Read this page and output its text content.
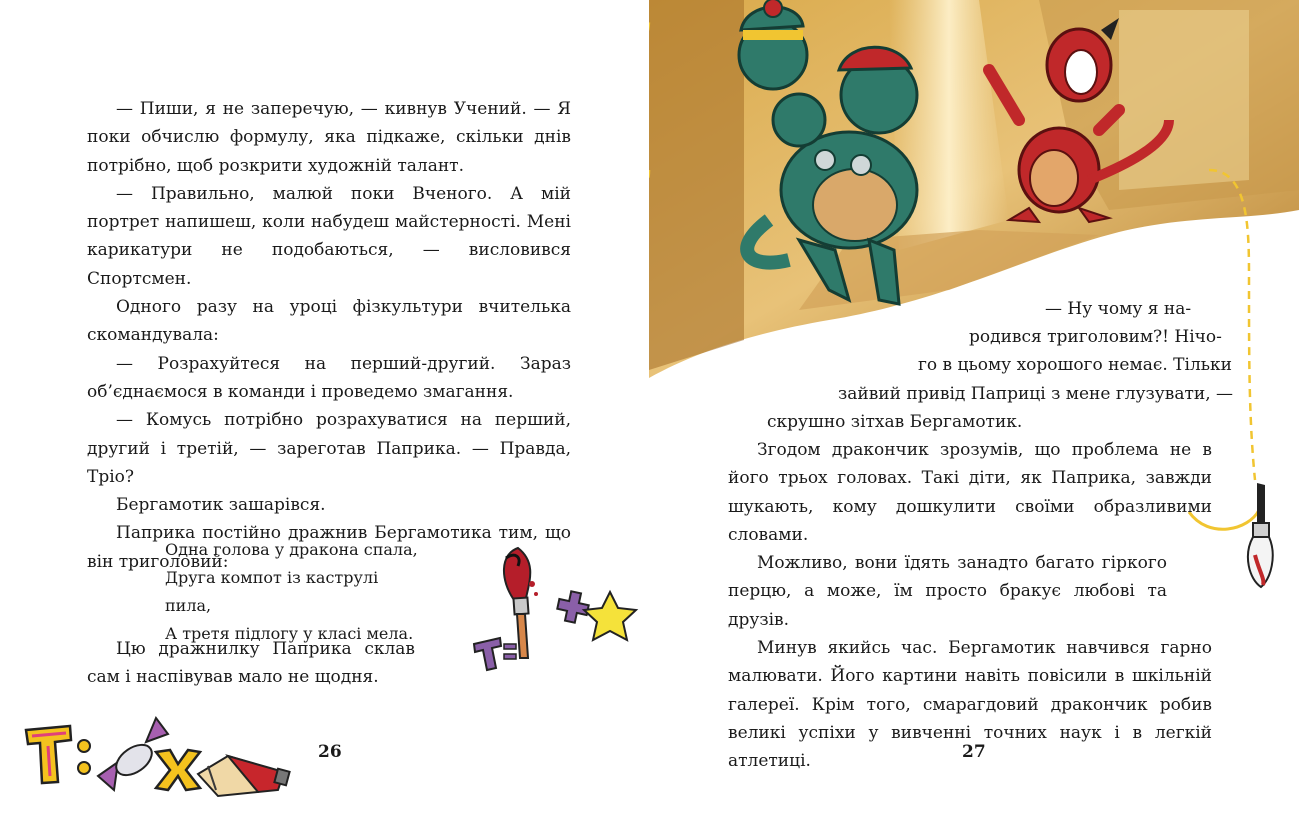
— Пиши, я не заперечую, — кивнув Учений. — Я поки обчислю формулу, яка підкаже, скільки днів потрібно, щоб розкрити художній талант.

— Правильно, малюй поки Вченого. А мій портрет напишеш, коли набудеш майстерності. Мені карикатури не подобаються, — висловився Спортсмен.

Одного разу на уроці фізкультури вчителька скомандувала:

— Розрахуйтеся на перший-другий. Зараз об’єднаємося в команди і проведемо змагання.

— Комусь потрібно розрахуватися на перший, другий і третій, — зареготав Паприка. — Правда, Тріо?

Бергамотик зашарівся.

Паприка постійно дражнив Бергамотика тим, що він триголовий:

Одна голова у дракона спала,

Друга компот із каструлі пила,

А третя підлогу у класі мела.

Цю дражнилку Паприка склав сам і наспівував мало не щодня.

26
— Ну чому я на-
родився триголовим?! Нічо-
го в цьому хорошого немає. Тільки
зайвий привід Паприці з мене глузувати, —
скрушно зітхав Бергамотик.

Згодом дракончик зрозумів, що проблема не в його трьох головах. Такі діти, як Паприка, завжди шукають, кому дошкулити своїми образливими словами.

Можливо, вони їдять занадто багато гіркого перцю, а може, їм просто бракує любові та друзів.

Минув якийсь час. Бергамотик навчився гарно малювати. Його картини навіть повісили в шкільній галереї. Крім того, смарагдовий дракончик робив великі успіхи у вивченні точних наук і в легкій атлетиці.	27
